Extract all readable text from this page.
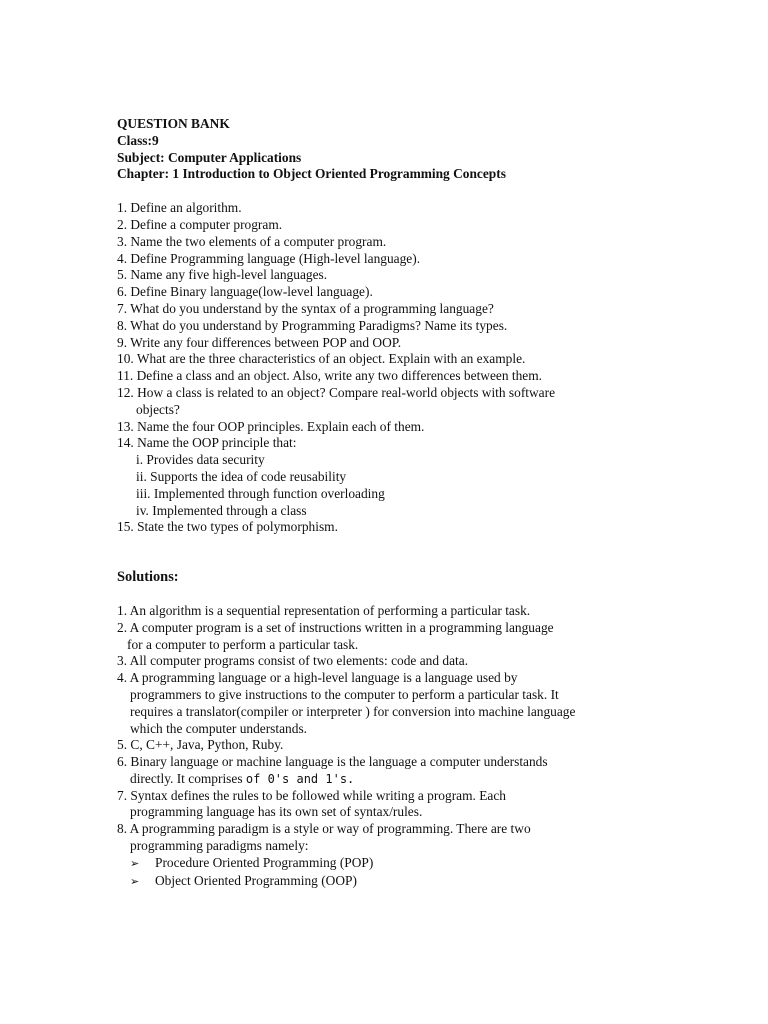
QUESTION BANK
Class:9
Subject: Computer Applications
Chapter: 1 Introduction to Object Oriented Programming Concepts
1. Define an algorithm.
2. Define a computer program.
3. Name the two elements of a computer program.
4. Define Programming language (High-level language).
5. Name any five high-level languages.
6. Define Binary language(low-level language).
7. What do you understand by the syntax of a programming language?
8. What do you understand by Programming Paradigms? Name its types.
9. Write any four differences between POP and OOP.
10. What are the three characteristics of an object. Explain with an example.
11. Define a class and an object. Also, write any two differences between them.
12. How a class is related to an object? Compare real-world objects with software
objects?
13. Name the four OOP principles. Explain each of them.
14. Name the OOP principle that:
i. Provides data security
ii. Supports the idea of code reusability
iii. Implemented through function overloading
iv. Implemented through a class
15. State the two types of polymorphism.
Solutions:
1. An algorithm is a sequential representation of performing a particular task.
2. A computer program is a set of instructions written in a programming language
for a computer to perform a particular task.
3. All computer programs consist of two elements: code and data.
4. A programming language or a high-level language is a language used by
programmers to give instructions to the computer to perform a particular task. It
requires a translator(compiler or interpreter ) for conversion into machine language
which the computer understands.
5. C, C++, Java, Python, Ruby.
6. Binary language or machine language is the language a computer understands
directly. It comprises of 0's and 1's.
7. Syntax defines the rules to be followed while writing a program. Each
programming language has its own set of syntax/rules.
8. A programming paradigm is a style or way of programming. There are two
programming paradigms namely:
➢ Procedure Oriented Programming (POP)
➢ Object Oriented Programming (OOP)
